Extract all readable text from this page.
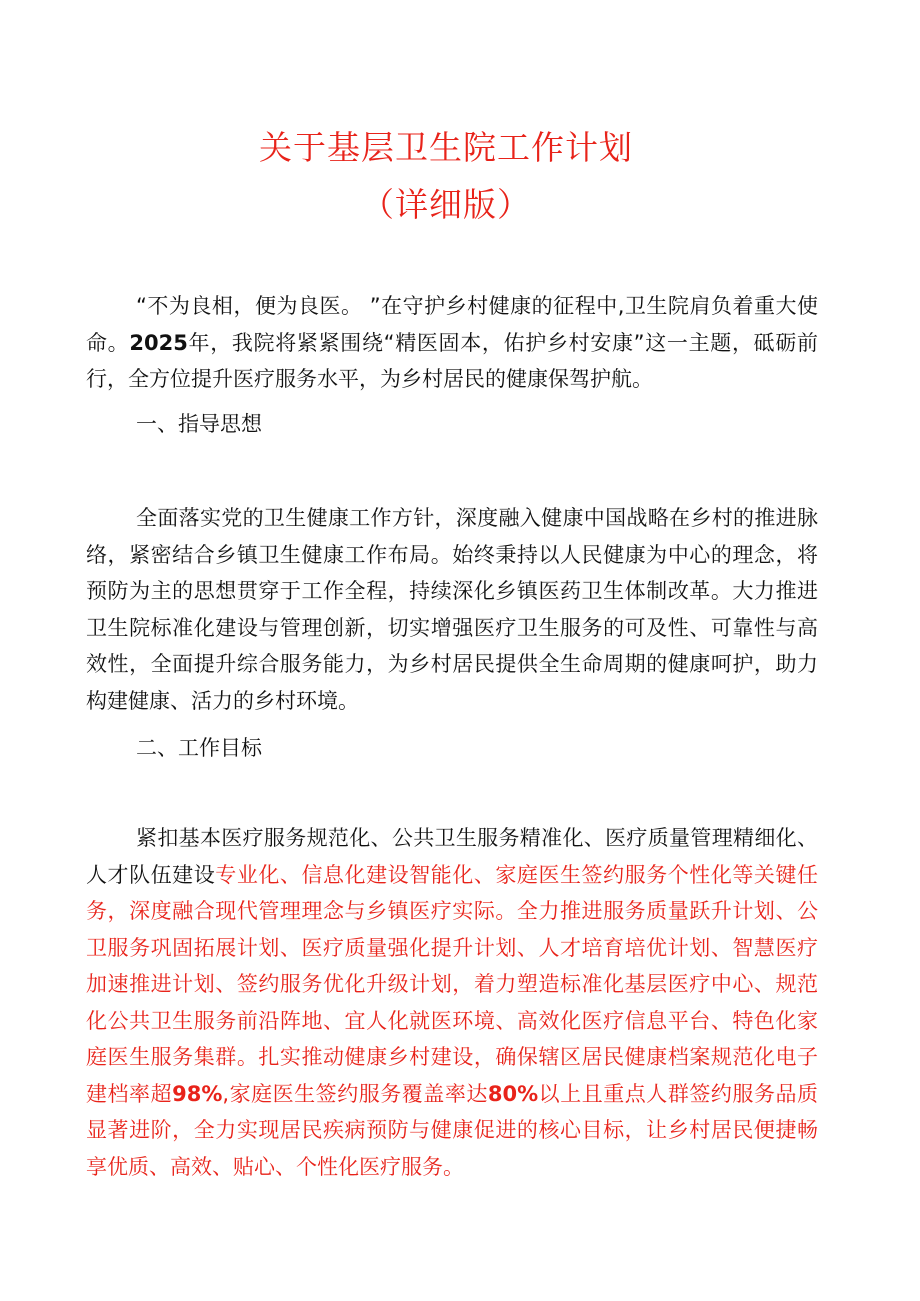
关于基层卫生院工作计划
（详细版）

“不为良相，便为良医。 ”在守护乡村健康的征程中,卫生院肩负着重大使命。2025年，我院将紧紧围绕“精医固本，佑护乡村安康”这一主题，砥砺前行，全方位提升医疗服务水平，为乡村居民的健康保驾护航。

一、指导思想

全面落实党的卫生健康工作方针，深度融入健康中国战略在乡村的推进脉络，紧密结合乡镇卫生健康工作布局。始终秉持以人民健康为中心的理念，将预防为主的思想贯穿于工作全程，持续深化乡镇医药卫生体制改革。大力推进卫生院标准化建设与管理创新，切实增强医疗卫生服务的可及性、可靠性与高效性，全面提升综合服务能力，为乡村居民提供全生命周期的健康呵护，助力构建健康、活力的乡村环境。

二、工作目标

紧扣基本医疗服务规范化、公共卫生服务精准化、医疗质量管理精细化、人才队伍建设专业化、信息化建设智能化、家庭医生签约服务个性化等关键任务，深度融合现代管理理念与乡镇医疗实际。全力推进服务质量跃升计划、公卫服务巩固拓展计划、医疗质量强化提升计划、人才培育培优计划、智慧医疗加速推进计划、签约服务优化升级计划，着力塑造标准化基层医疗中心、规范化公共卫生服务前沿阵地、宜人化就医环境、高效化医疗信息平台、特色化家庭医生服务集群。扎实推动健康乡村建设，确保辖区居民健康档案规范化电子建档率超98%,家庭医生签约服务覆盖率达80%以上且重点人群签约服务品质显著进阶，全力实现居民疾病预防与健康促进的核心目标，让乡村居民便捷畅享优质、高效、贴心、个性化医疗服务。
